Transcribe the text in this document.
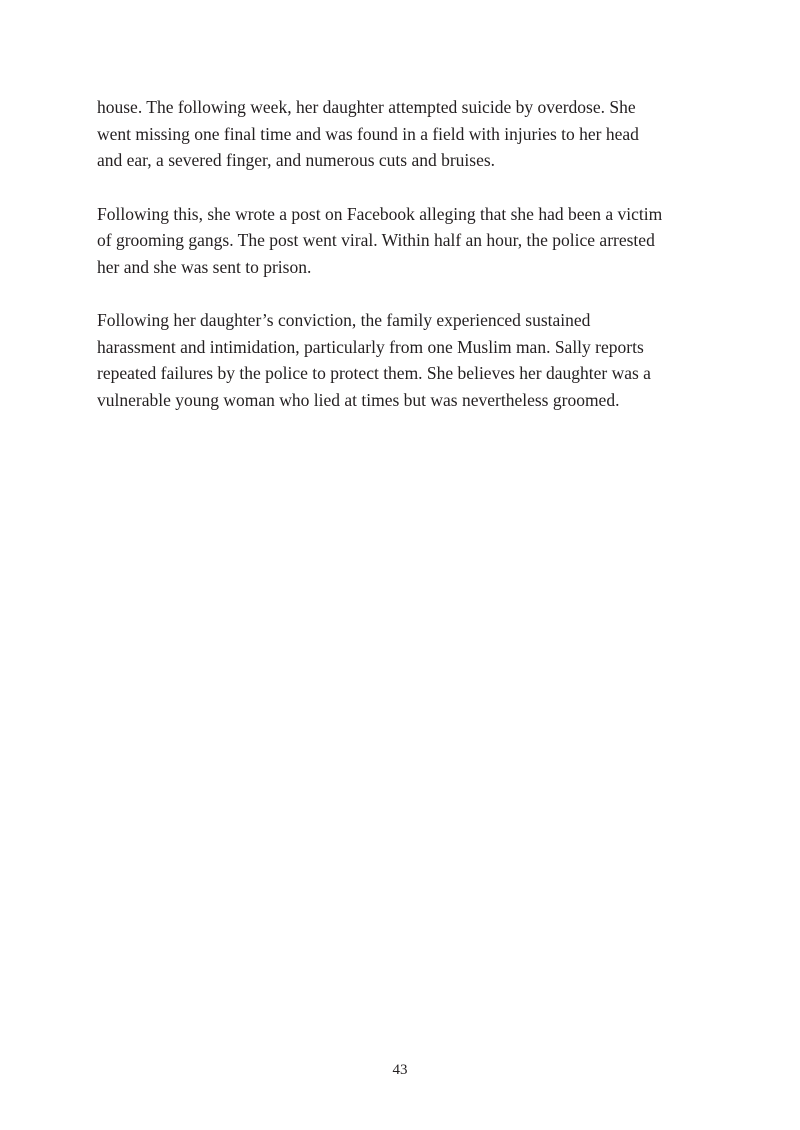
house. The following week, her daughter attempted suicide by overdose. She
went missing one final time and was found in a field with injuries to her head
and ear, a severed finger, and numerous cuts and bruises.

Following this, she wrote a post on Facebook alleging that she had been a victim
of grooming gangs. The post went viral. Within half an hour, the police arrested
her and she was sent to prison.

Following her daughter’s conviction, the family experienced sustained
harassment and intimidation, particularly from one Muslim man. Sally reports
repeated failures by the police to protect them. She believes her daughter was a
vulnerable young woman who lied at times but was nevertheless groomed.

43
